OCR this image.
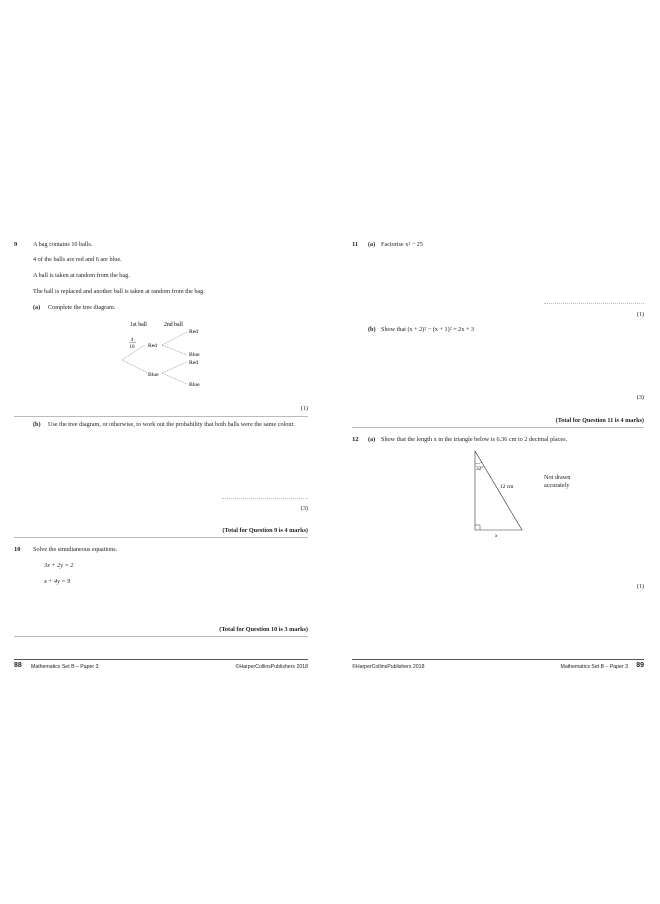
9	A bag contains 10 balls.
4 of the balls are red and 6 are blue.
A ball is taken at random from the bag.
The ball is replaced and another ball is taken at random from the bag.
(a) Complete the tree diagram.
1st ball	2nd ball
4
10 Red
Blue
Red
Blue
Red
Blue
(1)
(b) Use the tree diagram, or otherwise, to work out the probability that both balls were the same colour.
(3)
(Total for Question 9 is 4 marks)
10 Solve the simultaneous equations.
3x + 2y = 2
x + 4y = 9
(Total for Question 10 is 3 marks)
88 Mathematics Set B – Paper 3	©HarperCollinsPublishers 2018
11 (a) Factorise x² − 25
(1)
(b) Show that (x + 2)² − (x + 1)² = 2x + 3
(3)
(Total for Question 11 is 4 marks)
12 (a) Show that the length x in the triangle below is 6.36 cm to 2 decimal places.
32°
12 cm
x
Not drawn
accurately
(1)
©HarperCollinsPublishers 2018	Mathematics Set B – Paper 3	89
